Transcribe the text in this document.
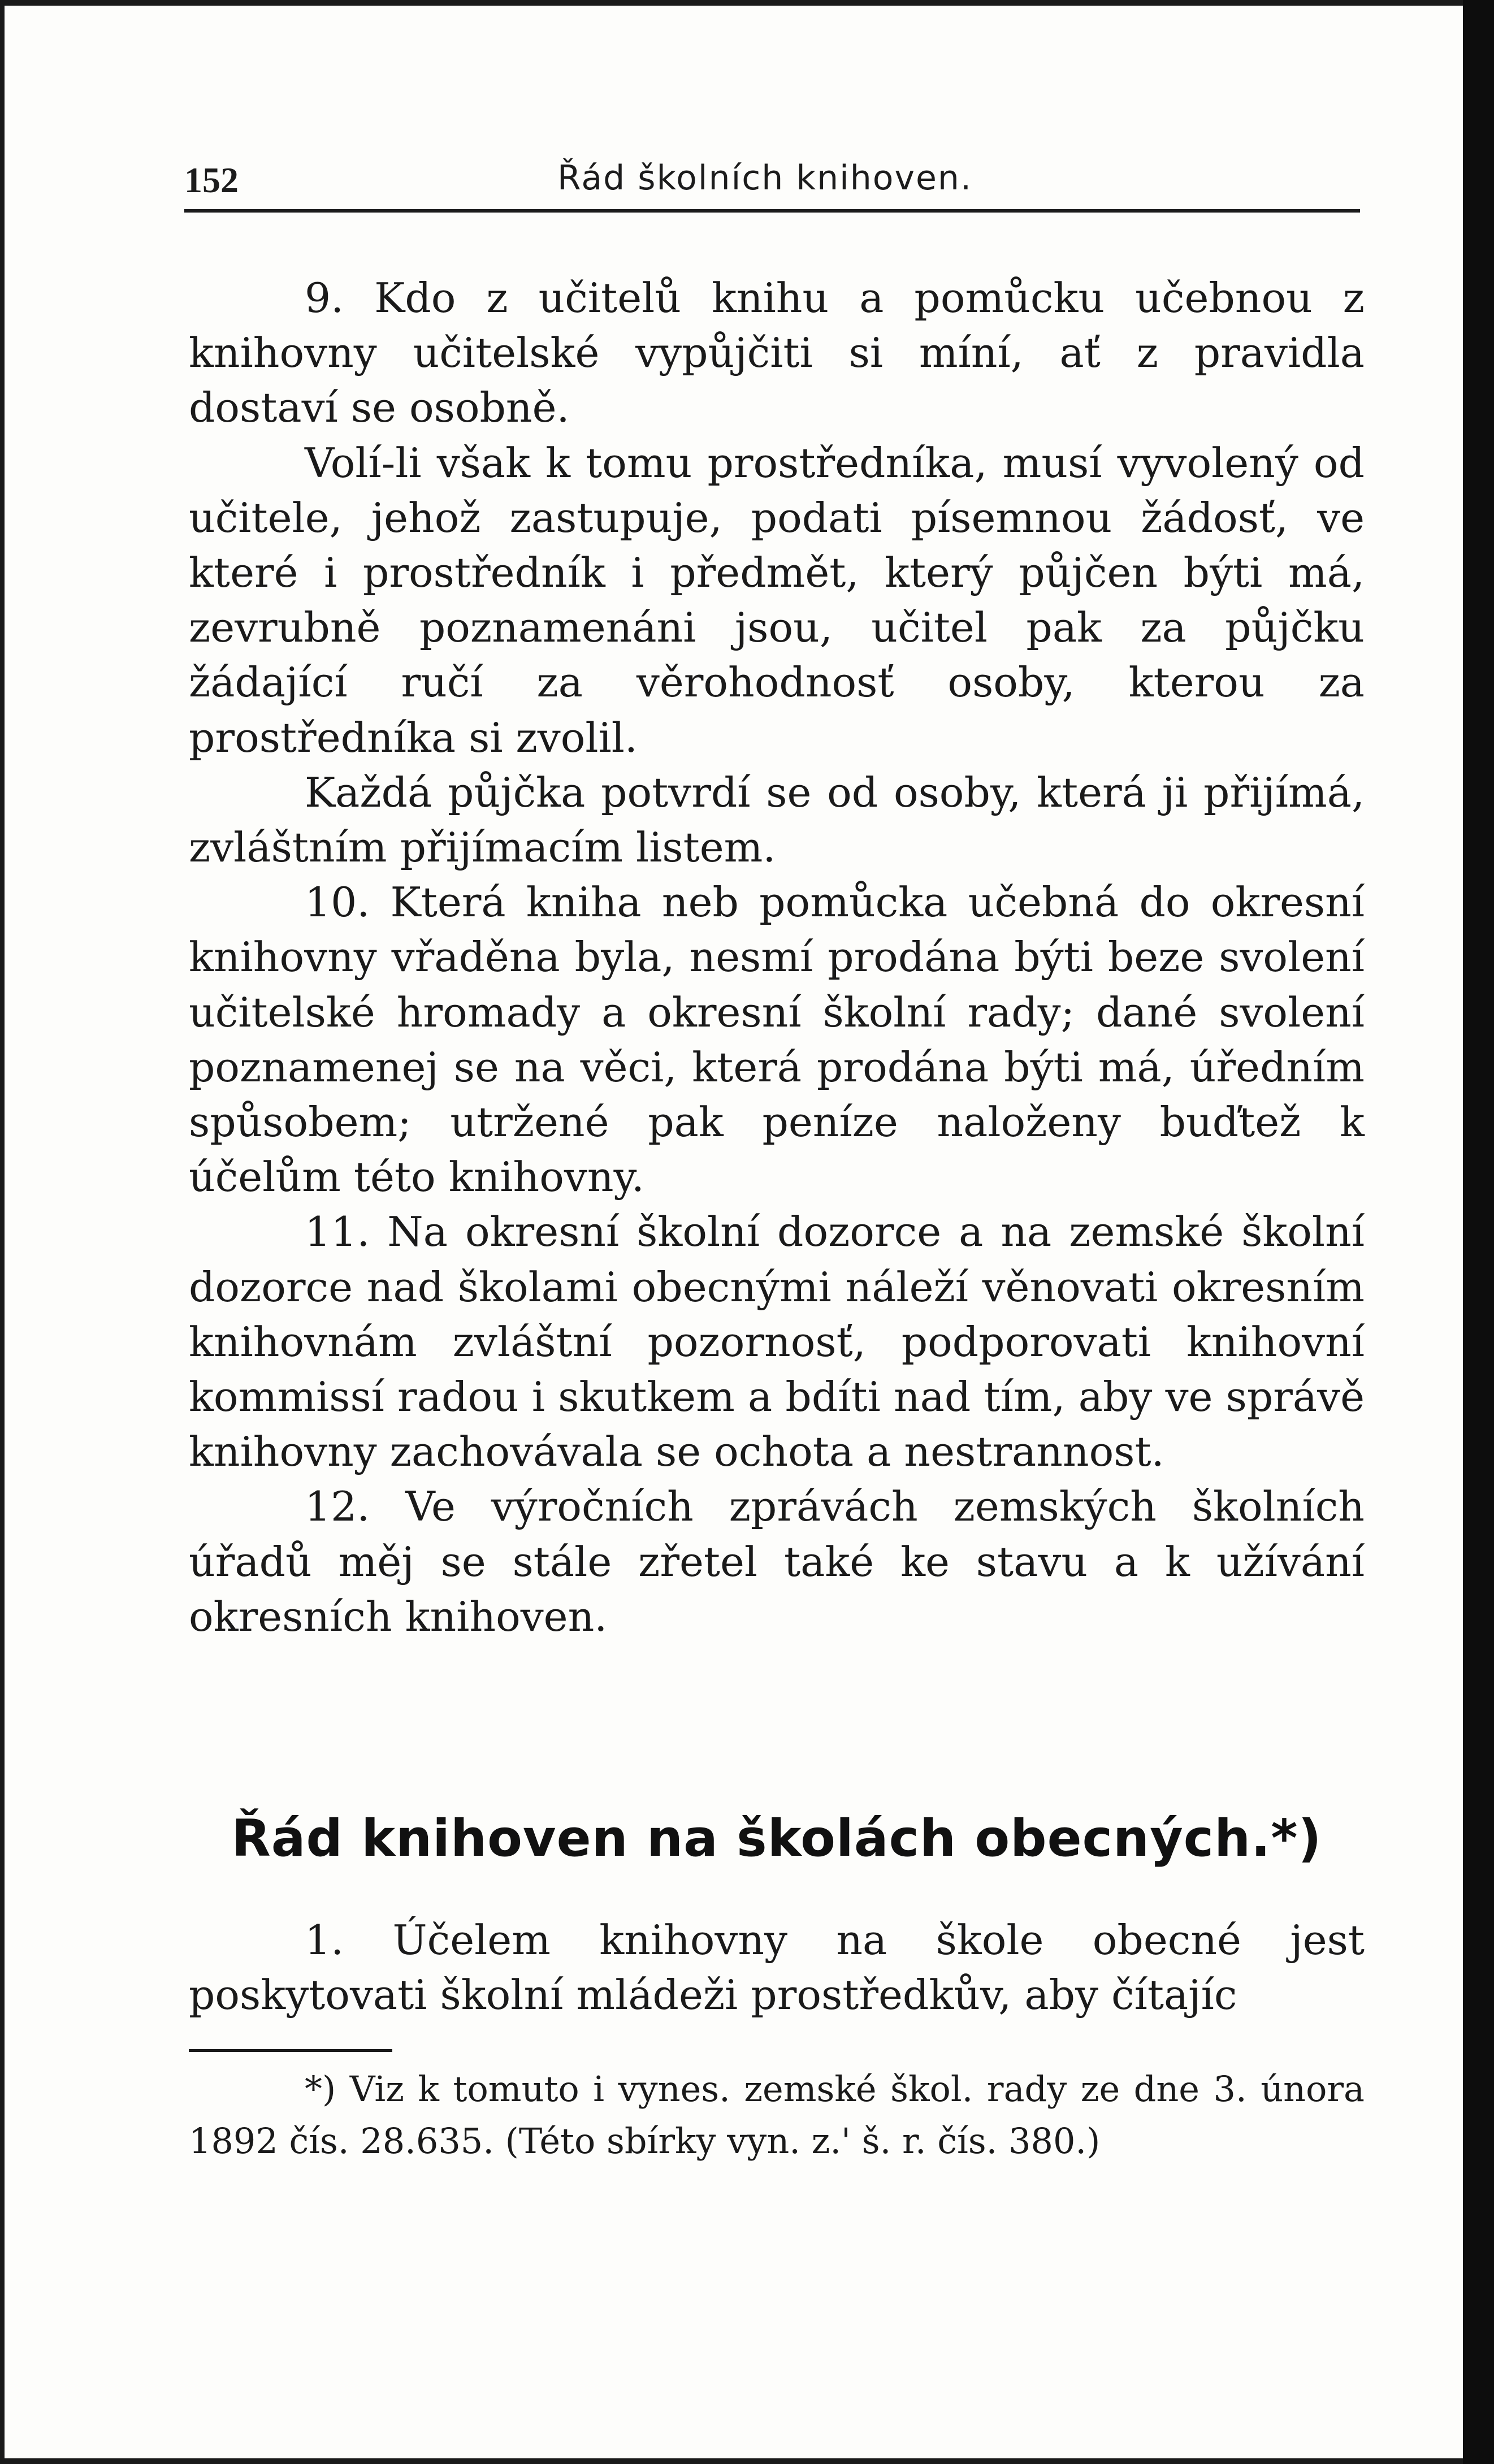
152	Řád školních knihoven.

9. Kdo z učitelů knihu a pomůcku učebnou z knihovny učitelské vypůjčiti si míní, ať z pravidla dostaví se osobně.

Volí-li však k tomu prostředníka, musí vyvolený od učitele, jehož zastupuje, podati písemnou žádosť, ve které i prostředník i předmět, který půjčen býti má, zevrubně poznamenáni jsou, učitel pak za půjčku žádající ručí za věrohodnosť osoby, kterou za prostředníka si zvolil.

Každá půjčka potvrdí se od osoby, která ji přijímá, zvláštním přijímacím listem.

10. Která kniha neb pomůcka učebná do okresní knihovny vřaděna byla, nesmí prodána býti beze svolení učitelské hromady a okresní školní rady; dané svolení poznamenej se na věci, která prodána býti má, úředním spůsobem; utržené pak peníze naloženy buďtež k účelům této knihovny.

11. Na okresní školní dozorce a na zemské školní dozorce nad školami obecnými náleží věnovati okresním knihovnám zvláštní pozornosť, podporovati knihovní kommissí radou i skutkem a bdíti nad tím, aby ve správě knihovny zachovávala se ochota a nestrannost.

12. Ve výročních zprávách zemských školních úřadů měj se stále zřetel také ke stavu a k užívání okresních knihoven.

Řád knihoven na školách obecných.*)

1. Účelem knihovny na škole obecné jest poskytovati školní mládeži prostředkův, aby čítajíc

*) Viz k tomuto i vynes. zemské škol. rady ze dne 3. února 1892 čís. 28.635. (Této sbírky vyn. z.' š. r. čís. 380.)
